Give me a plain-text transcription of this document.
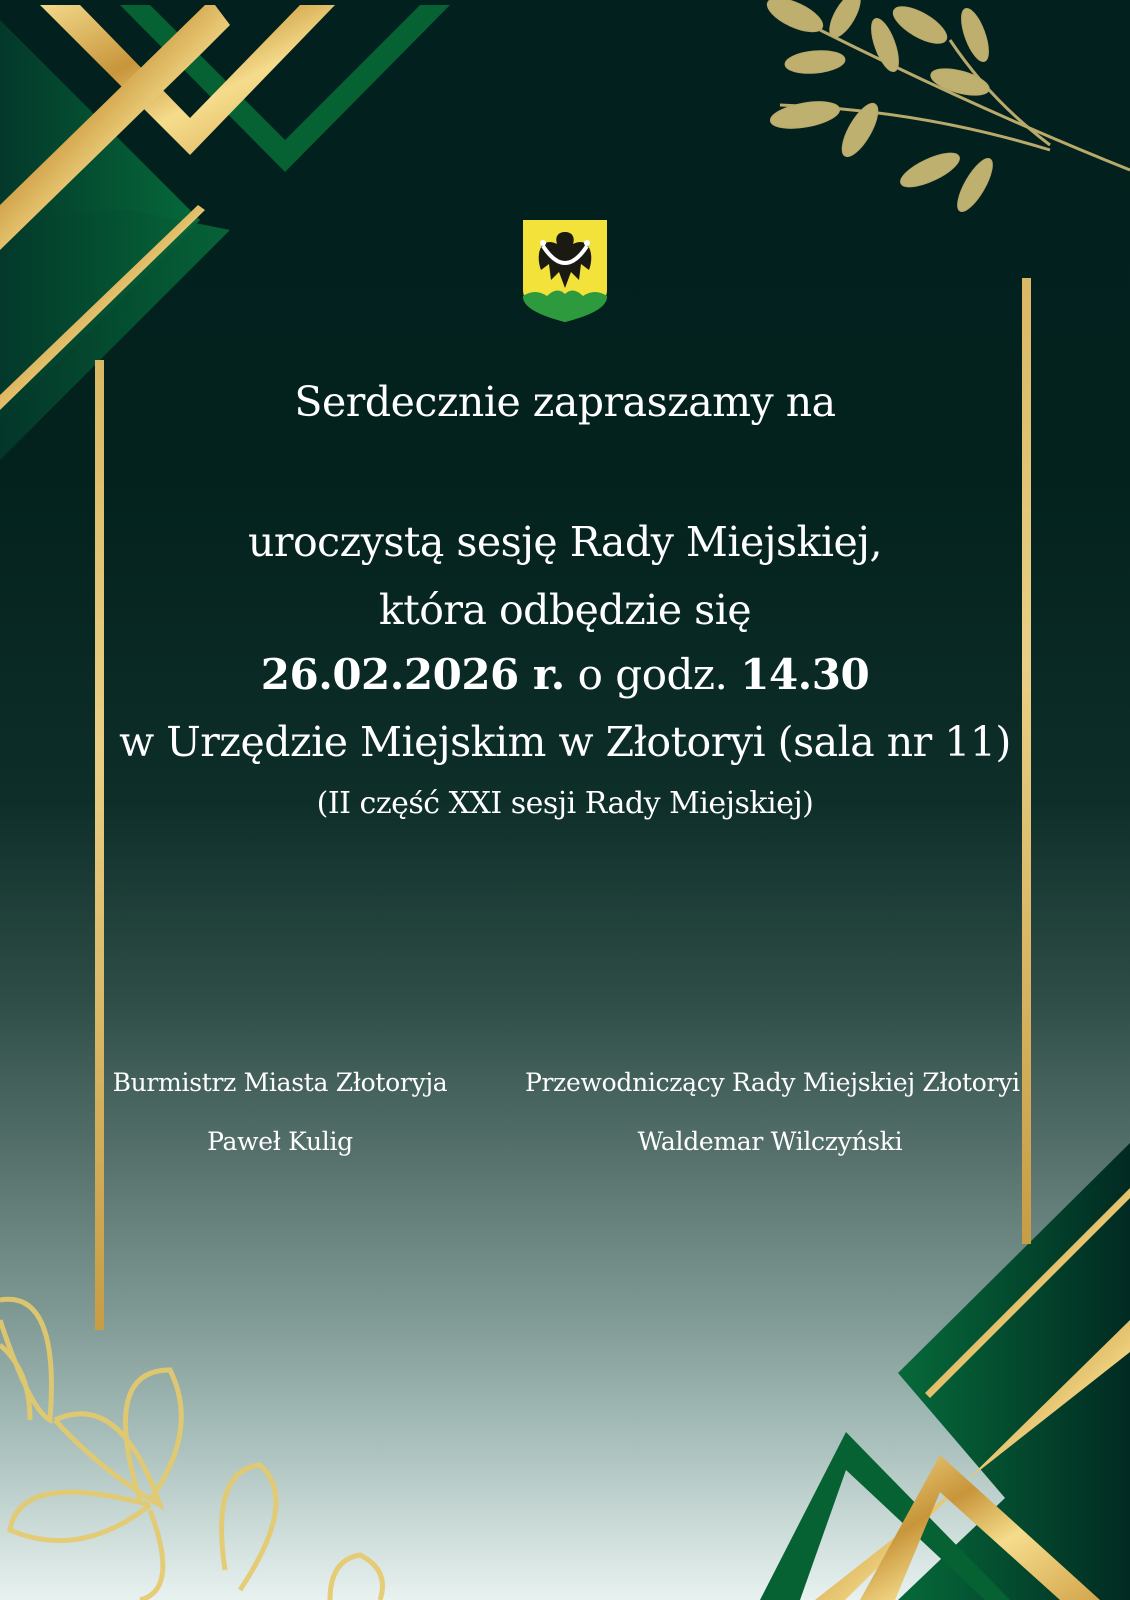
Serdecznie zapraszamy na
uroczystą sesję Rady Miejskiej,
która odbędzie się
26.02.2026 r. o godz. 14.30
w Urzędzie Miejskim w Złotoryi (sala nr 11)
(II część XXI sesji Rady Miejskiej)
Burmistrz Miasta Złotoryja
Paweł Kulig
Przewodniczący Rady Miejskiej Złotoryi
Waldemar Wilczyński
